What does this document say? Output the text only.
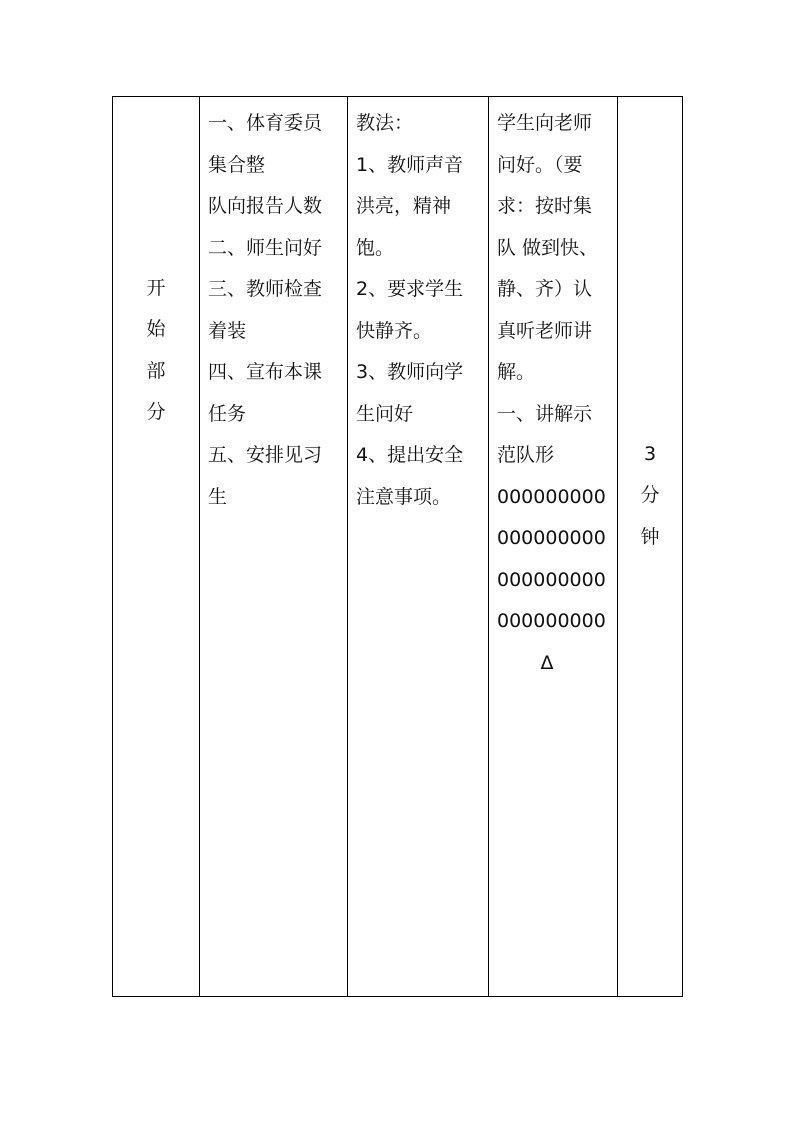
开
始
部
分

一、体育委员
集合整
队向报告人数
二、师生问好
三、教师检查
着装
四、宣布本课
任务
五、安排见习
生

教法：
1、教师声音
洪亮，精神
饱。
2、要求学生
快静齐。
3、教师向学
生问好
4、提出安全
注意事项。

学生向老师
问好。（要
求：按时集
队 做到快、
静、齐）认
真听老师讲
解。
一、讲解示
范队形
000000000
000000000
000000000
000000000
Δ

3
分
钟
